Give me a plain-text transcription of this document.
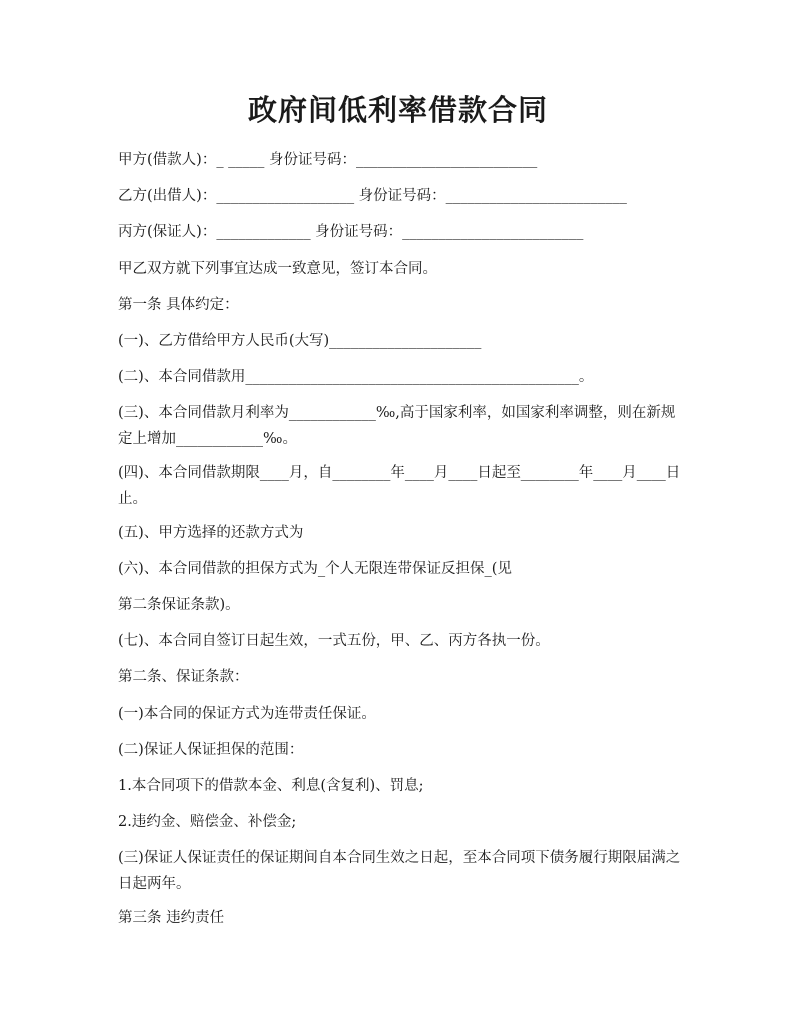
政府间低利率借款合同

甲方(借款人)：_ _____ 身份证号码：_________________________

乙方(出借人)：___________________ 身份证号码：_________________________

丙方(保证人)：_____________ 身份证号码：_________________________

甲乙双方就下列事宜达成一致意见，签订本合同。

第一条 具体约定：

(一)、乙方借给甲方人民币(大写)_____________________

(二)、本合同借款用______________________________________________。

(三)、本合同借款月利率为____________‰,高于国家利率，如国家利率调整，则在新规定上增加____________‰。

(四)、本合同借款期限____月，自________年____月____日起至________年____月____日止。

(五)、甲方选择的还款方式为

(六)、本合同借款的担保方式为_个人无限连带保证反担保_(见

第二条保证条款)。

(七)、本合同自签订日起生效，一式五份，甲、乙、丙方各执一份。

第二条、保证条款：

(一)本合同的保证方式为连带责任保证。

(二)保证人保证担保的范围：

1.本合同项下的借款本金、利息(含复利)、罚息;

2.违约金、赔偿金、补偿金;

(三)保证人保证责任的保证期间自本合同生效之日起，至本合同项下债务履行期限届满之日起两年。

第三条 违约责任
